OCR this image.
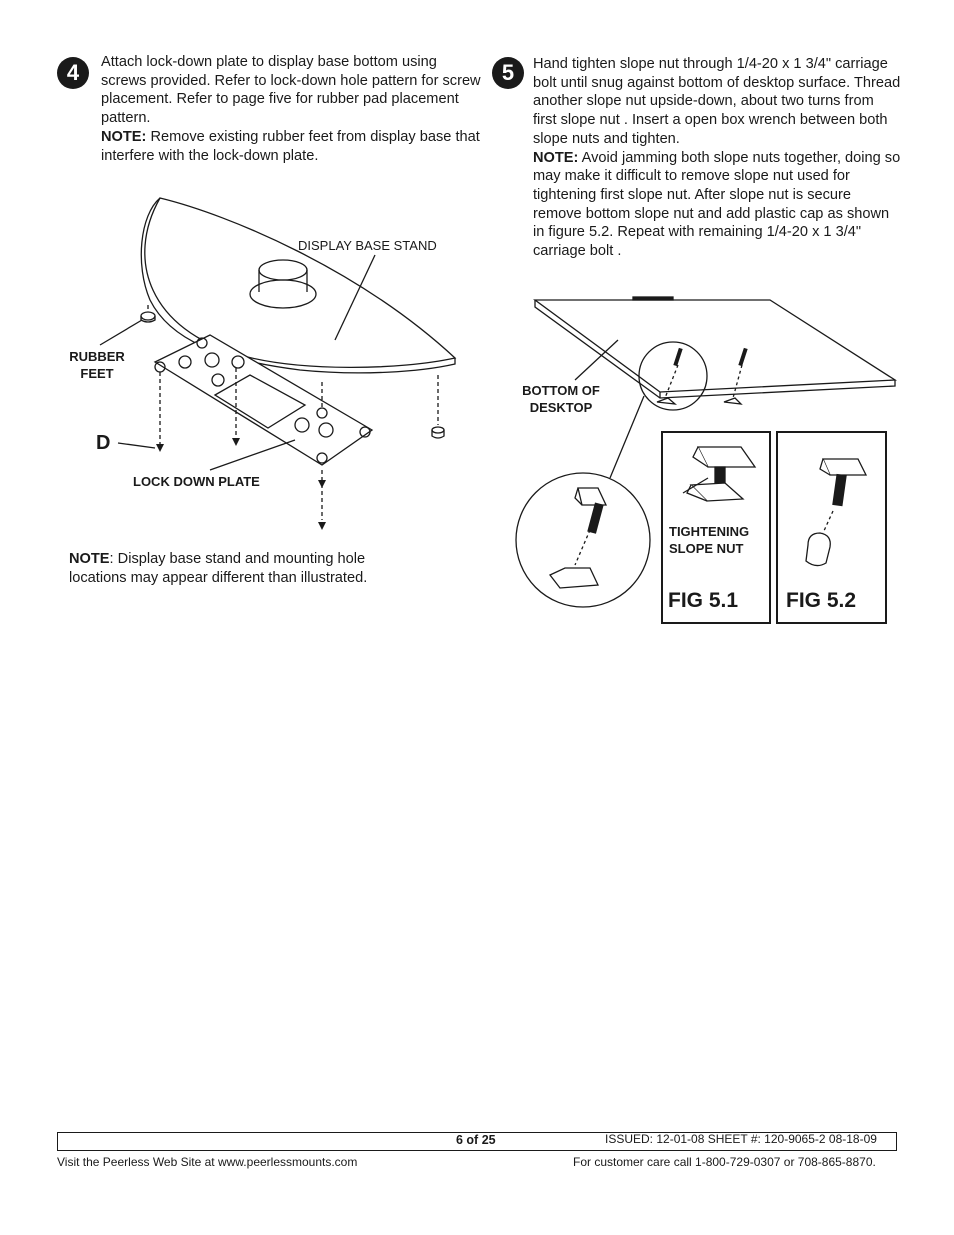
4	Attach lock-down plate to display base bottom using screws provided. Refer to lock-down hole pattern for screw placement. Refer to page five for rubber pad placement pattern.
NOTE: Remove existing rubber feet from display base that interfere with the lock-down plate.
DISPLAY BASE STAND
RUBBER
FEET
D
LOCK DOWN PLATE
NOTE: Display base stand and mounting hole locations may appear different than illustrated.
5	Hand tighten slope nut through 1/4-20 x 1 3/4" carriage bolt until snug against bottom of desktop surface. Thread another slope nut upside-down, about two turns from first slope nut . Insert a open box wrench between both slope nuts and tighten.
NOTE: Avoid jamming both slope nuts together, doing so may make it difficult to remove slope nut used for tightening first slope nut. After slope nut is secure remove bottom slope nut and add plastic cap as shown in figure 5.2. Repeat with remaining 1/4-20 x 1 3/4" carriage bolt .
BOTTOM OF
DESKTOP
TIGHTENING
SLOPE NUT
FIG 5.1 FIG 5.2
6 of 25	ISSUED: 12-01-08 SHEET #: 120-9065-2 08-18-09
Visit the Peerless Web Site at www.peerlessmounts.com	For customer care call 1-800-729-0307 or 708-865-8870.
